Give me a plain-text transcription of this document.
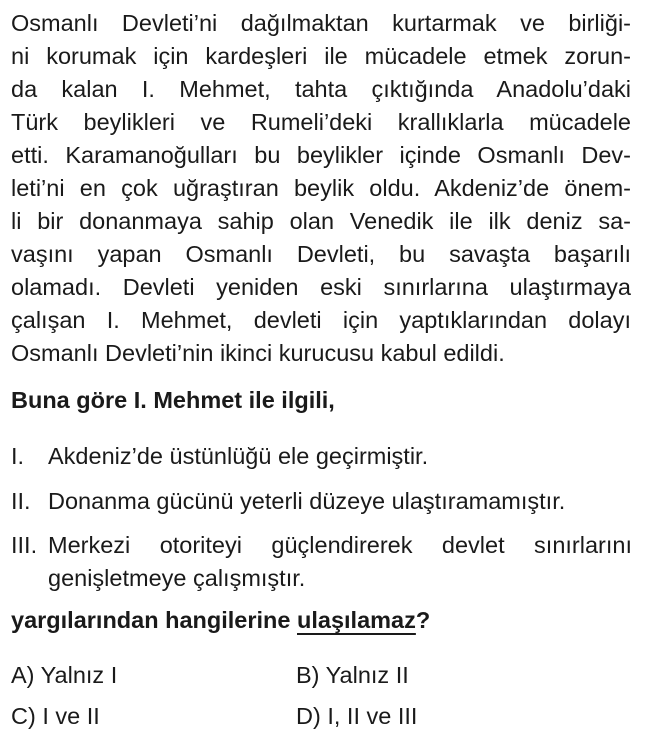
Osmanlı Devleti’ni dağılmaktan kurtarmak ve birliği-
ni korumak için kardeşleri ile mücadele etmek zorun-
da kalan I. Mehmet, tahta çıktığında Anadolu’daki
Türk beylikleri ve Rumeli’deki krallıklarla mücadele
etti. Karamanoğulları bu beylikler içinde Osmanlı Dev-
leti’ni en çok uğraştıran beylik oldu. Akdeniz’de önem-
li bir donanmaya sahip olan Venedik ile ilk deniz sa-
vaşını yapan Osmanlı Devleti, bu savaşta başarılı
olamadı. Devleti yeniden eski sınırlarına ulaştırmaya
çalışan I. Mehmet, devleti için yaptıklarından dolayı
Osmanlı Devleti’nin ikinci kurucusu kabul edildi.
Buna göre I. Mehmet ile ilgili,
I. Akdeniz’de üstünlüğü ele geçirmiştir.
II. Donanma gücünü yeterli düzeye ulaştıramamıştır.
III. Merkezi otoriteyi güçlendirerek devlet sınırlarını
genişletmeye çalışmıştır.
yargılarından hangilerine ulaşılamaz?
A) Yalnız I	B) Yalnız II
C) I ve II	D) I, II ve III
